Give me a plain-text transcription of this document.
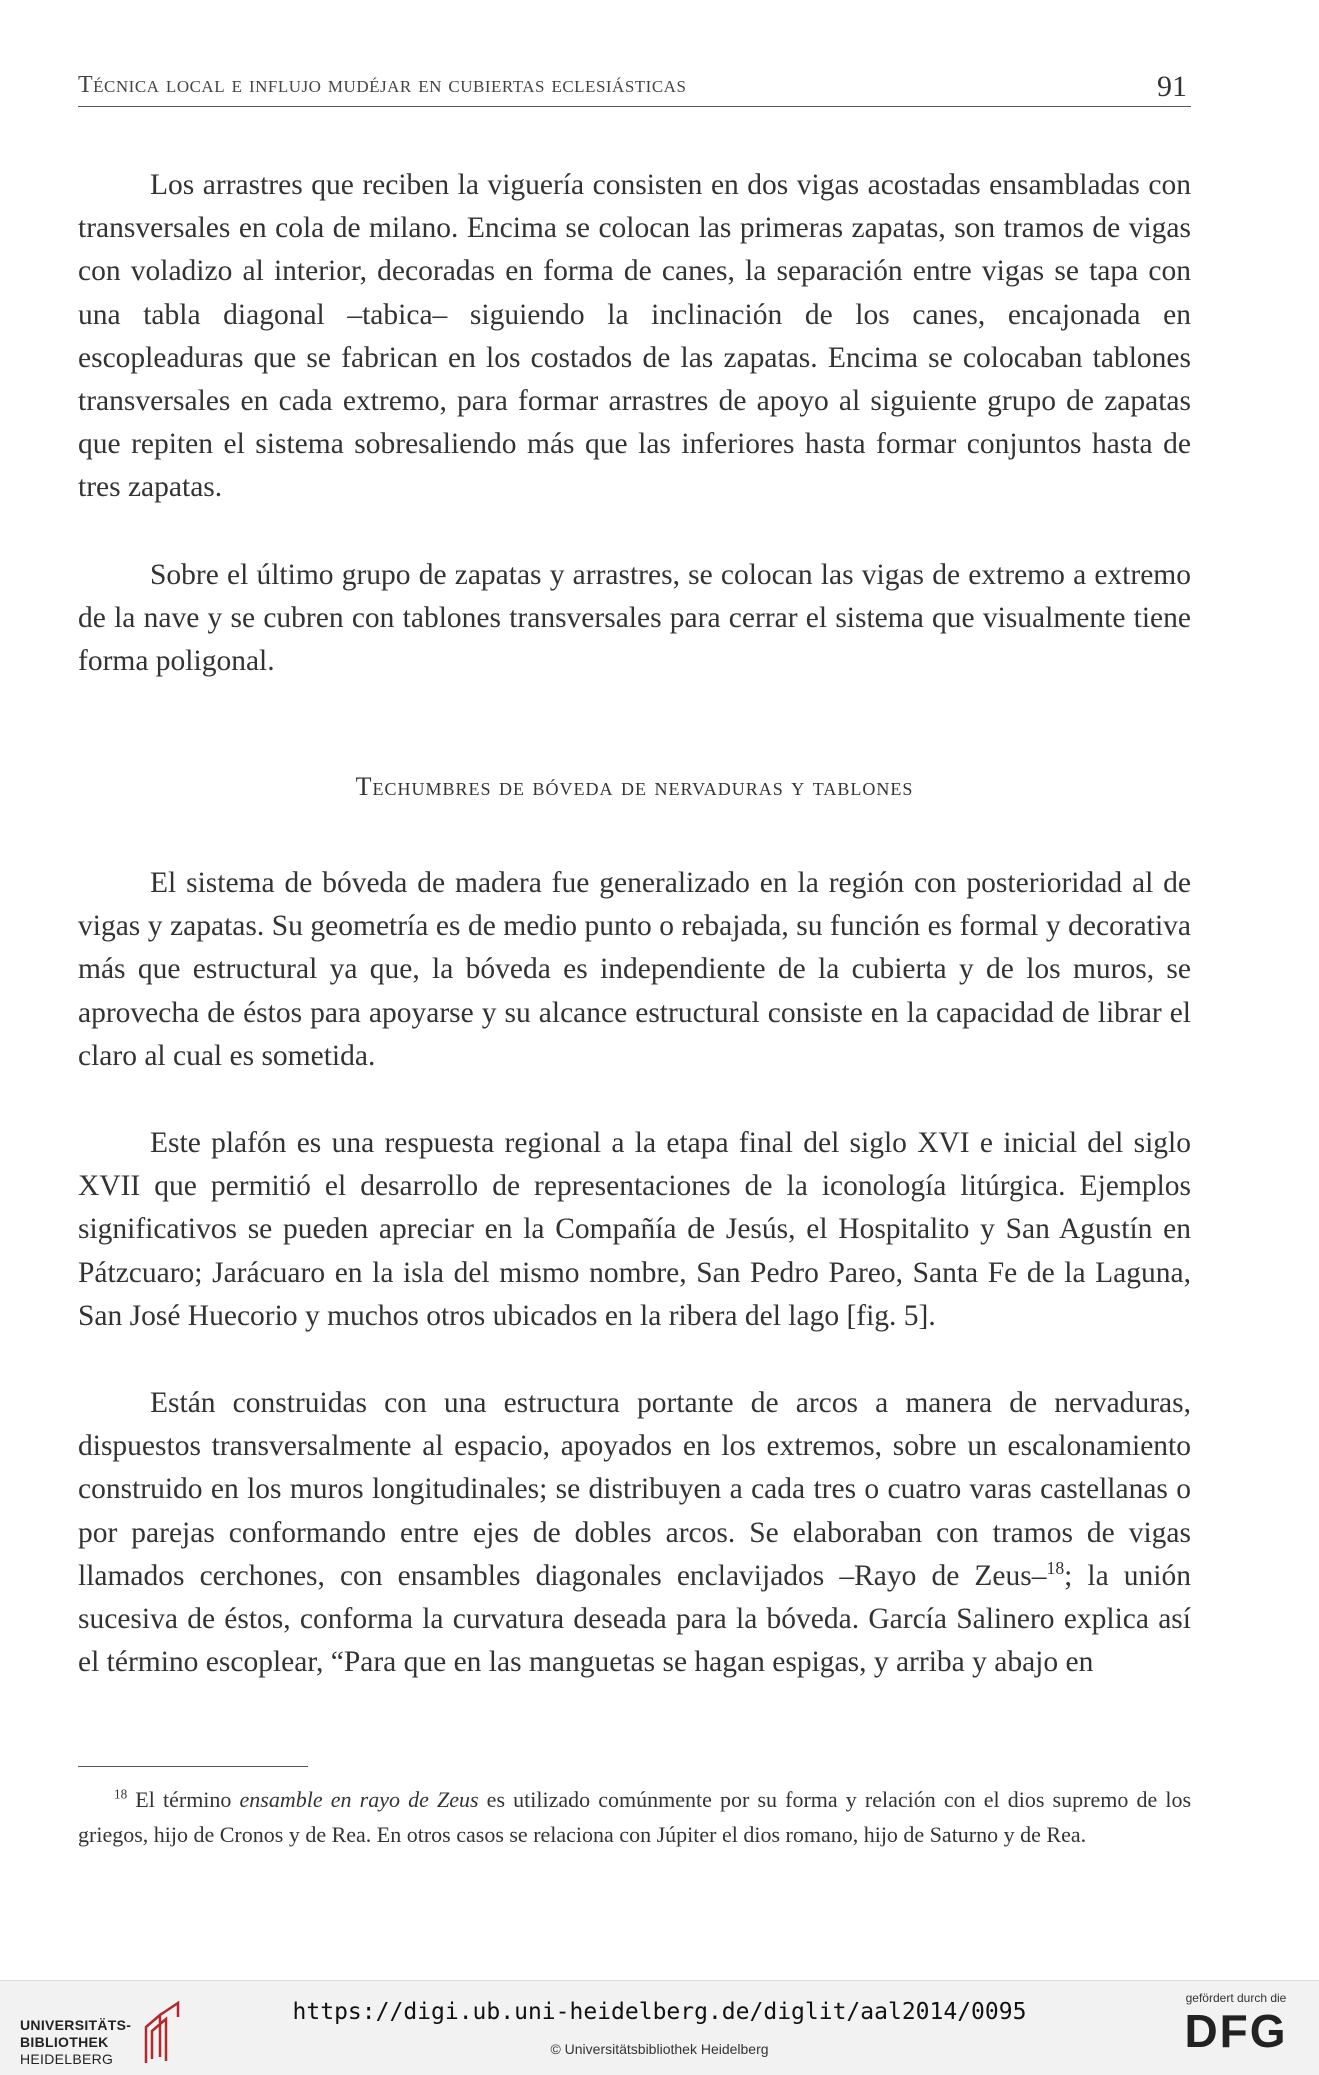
Técnica local e influjo mudéjar en cubiertas eclesiásticas	91

Los arrastres que reciben la viguería consisten en dos vigas acostadas ensambladas con transversales en cola de milano. Encima se colocan las primeras zapatas, son tramos de vigas con voladizo al interior, decoradas en forma de canes, la separación entre vigas se tapa con una tabla diagonal –tabica– siguiendo la inclinación de los canes, encajonada en escopleaduras que se fabrican en los costados de las zapatas. Encima se colocaban tablones transversales en cada extremo, para formar arrastres de apoyo al siguiente grupo de zapatas que repiten el sistema sobresaliendo más que las inferiores hasta formar conjuntos hasta de tres zapatas.

Sobre el último grupo de zapatas y arrastres, se colocan las vigas de extremo a extremo de la nave y se cubren con tablones transversales para cerrar el sistema que visualmente tiene forma poligonal.

Techumbres de bóveda de nervaduras y tablones

El sistema de bóveda de madera fue generalizado en la región con posterioridad al de vigas y zapatas. Su geometría es de medio punto o rebajada, su función es formal y decorativa más que estructural ya que, la bóveda es independiente de la cubierta y de los muros, se aprovecha de éstos para apoyarse y su alcance estructural consiste en la capacidad de librar el claro al cual es sometida.

Este plafón es una respuesta regional a la etapa final del siglo XVI e inicial del siglo XVII que permitió el desarrollo de representaciones de la iconología litúrgica. Ejemplos significativos se pueden apreciar en la Compañía de Jesús, el Hospitalito y San Agustín en Pátzcuaro; Jarácuaro en la isla del mismo nombre, San Pedro Pareo, Santa Fe de la Laguna, San José Huecorio y muchos otros ubicados en la ribera del lago [fig. 5].

Están construidas con una estructura portante de arcos a manera de nervaduras, dispuestos transversalmente al espacio, apoyados en los extremos, sobre un escalonamiento construido en los muros longitudinales; se distribuyen a cada tres o cuatro varas castellanas o por parejas conformando entre ejes de dobles arcos. Se elaboraban con tramos de vigas llamados cerchones, con ensambles diagonales enclavijados –Rayo de Zeus–$^{18}$; la unión sucesiva de éstos, conforma la curvatura deseada para la bóveda. García Salinero explica así el término escoplear, “Para que en las manguetas se hagan espigas, y arriba y abajo en

$^{18}$ El término ensamble en rayo de Zeus es utilizado comúnmente por su forma y relación con el dios supremo de los griegos, hijo de Cronos y de Rea. En otros casos se relaciona con Júpiter el dios romano, hijo de Saturno y de Rea.

UNIVERSITÄTS-
BIBLIOTHEK
HEIDELBERG
https://digi.ub.uni-heidelberg.de/diglit/aal2014/0095
© Universitätsbibliothek Heidelberg
gefördert durch die
DFG
